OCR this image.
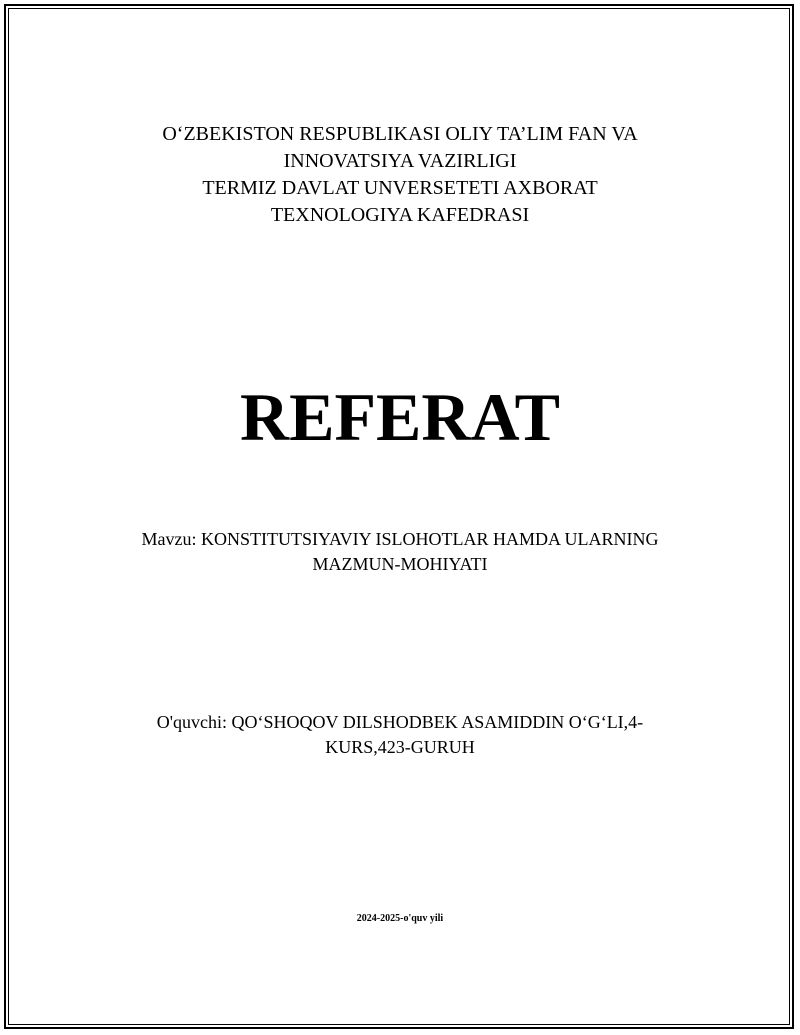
O‘ZBEKISTON RESPUBLIKASI OLIY TA’LIM FAN VA
INNOVATSIYA VAZIRLIGI
TERMIZ DAVLAT UNVERSETETI AXBORAT
TEXNOLOGIYA KAFEDRASI
REFERAT
Mavzu: KONSTITUTSIYAVIY ISLOHOTLAR HAMDA ULARNING
MAZMUN-MOHIYATI
O'quvchi: QO‘SHOQOV DILSHODBEK ASAMIDDIN O‘G‘LI,4-
KURS,423-GURUH
2024-2025-o'quv yili
